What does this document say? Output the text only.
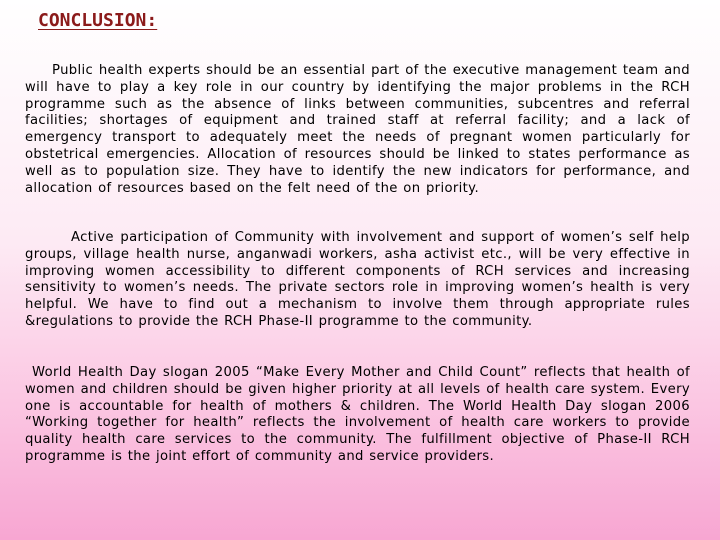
CONCLUSION:

Public health experts should be an essential part of the executive management team and will have to play a key role in our country by identifying the major problems in the RCH programme such as the absence of links between communities, subcentres and referral facilities; shortages of equipment and trained staff at referral facility; and a lack of emergency transport to adequately meet the needs of pregnant women particularly for obstetrical emergencies. Allocation of resources should be linked to states performance as well as to population size. They have to identify the new indicators for performance, and allocation of resources based on the felt need of the on priority.

Active participation of Community with involvement and support of women’s self help groups, village health nurse, anganwadi workers, asha activist etc., will be very effective in improving women accessibility to different components of RCH services and increasing sensitivity to women’s needs. The private sectors role in improving women’s health is very helpful. We have to find out a mechanism to involve them through appropriate rules &regulations to provide the RCH Phase-II programme to the community.

World Health Day slogan 2005 “Make Every Mother and Child Count” reflects that health of women and children should be given higher priority at all levels of health care system. Every one is accountable for health of mothers & children. The World Health Day slogan 2006 “Working together for health” reflects the involvement of health care workers to provide quality health care services to the community. The fulfillment objective of Phase-II RCH programme is the joint effort of community and service providers.
